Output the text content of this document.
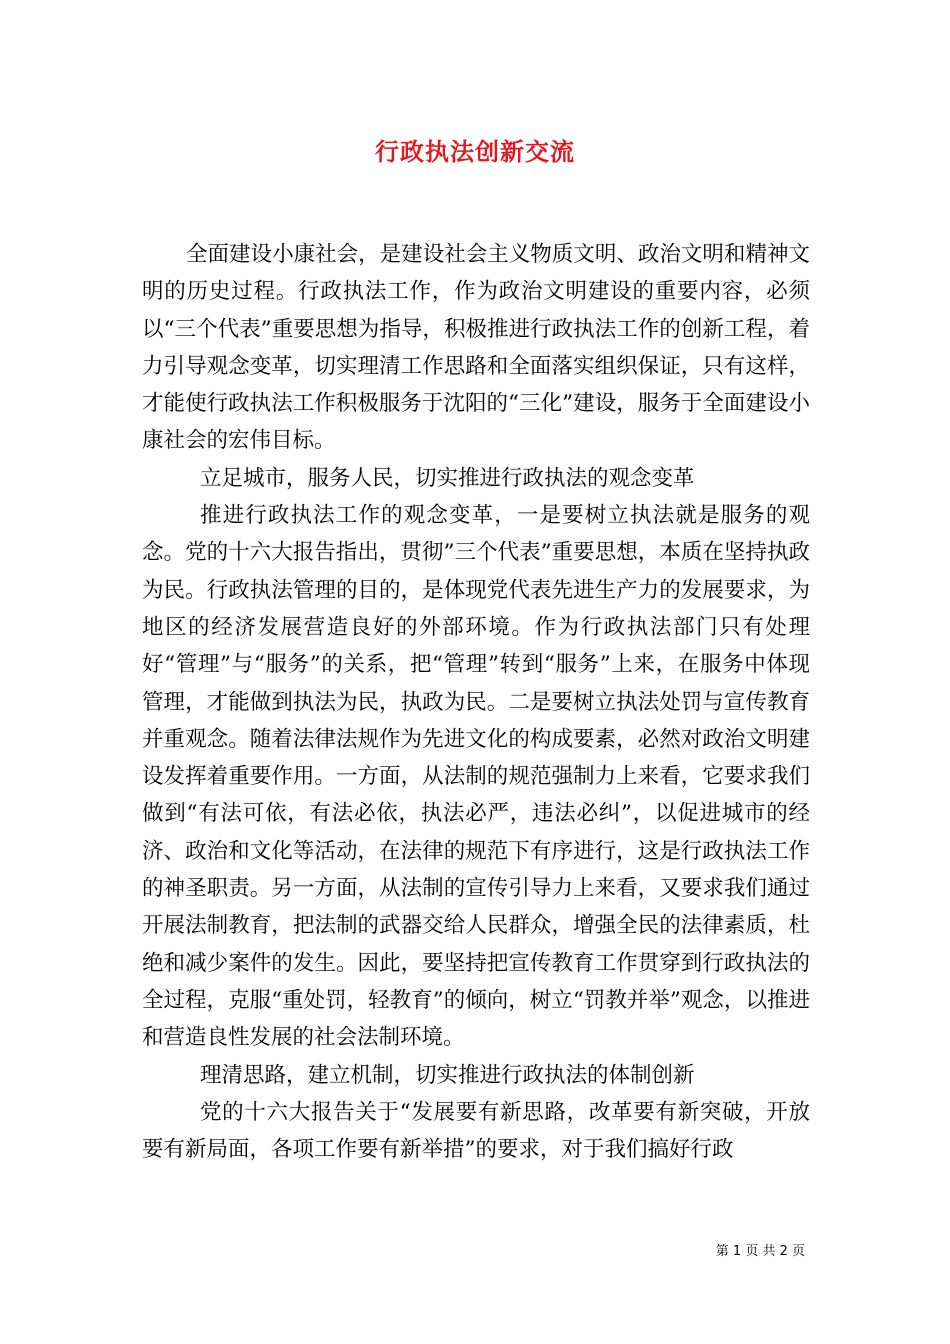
行政执法创新交流

全面建设小康社会，是建设社会主义物质文明、政治文明和精神文明的历史过程。行政执法工作，作为政治文明建设的重要内容，必须以“三个代表”重要思想为指导，积极推进行政执法工作的创新工程，着力引导观念变革，切实理清工作思路和全面落实组织保证，只有这样，才能使行政执法工作积极服务于沈阳的“三化”建设，服务于全面建设小康社会的宏伟目标。

立足城市，服务人民，切实推进行政执法的观念变革

推进行政执法工作的观念变革，一是要树立执法就是服务的观念。党的十六大报告指出，贯彻”三个代表”重要思想，本质在坚持执政为民。行政执法管理的目的，是体现党代表先进生产力的发展要求，为地区的经济发展营造良好的外部环境。作为行政执法部门只有处理好“管理”与“服务”的关系，把“管理”转到“服务”上来，在服务中体现管理，才能做到执法为民，执政为民。二是要树立执法处罚与宣传教育并重观念。随着法律法规作为先进文化的构成要素，必然对政治文明建设发挥着重要作用。一方面，从法制的规范强制力上来看，它要求我们做到“有法可依，有法必依，执法必严，违法必纠”，以促进城市的经济、政治和文化等活动，在法律的规范下有序进行，这是行政执法工作的神圣职责。另一方面，从法制的宣传引导力上来看，又要求我们通过开展法制教育，把法制的武器交给人民群众，增强全民的法律素质，杜绝和减少案件的发生。因此，要坚持把宣传教育工作贯穿到行政执法的全过程，克服“重处罚，轻教育”的倾向，树立“罚教并举”观念，以推进和营造良性发展的社会法制环境。

理清思路，建立机制，切实推进行政执法的体制创新

党的十六大报告关于“发展要有新思路，改革要有新突破，开放要有新局面，各项工作要有新举措”的要求，对于我们搞好行政

第 1 页 共 2 页
